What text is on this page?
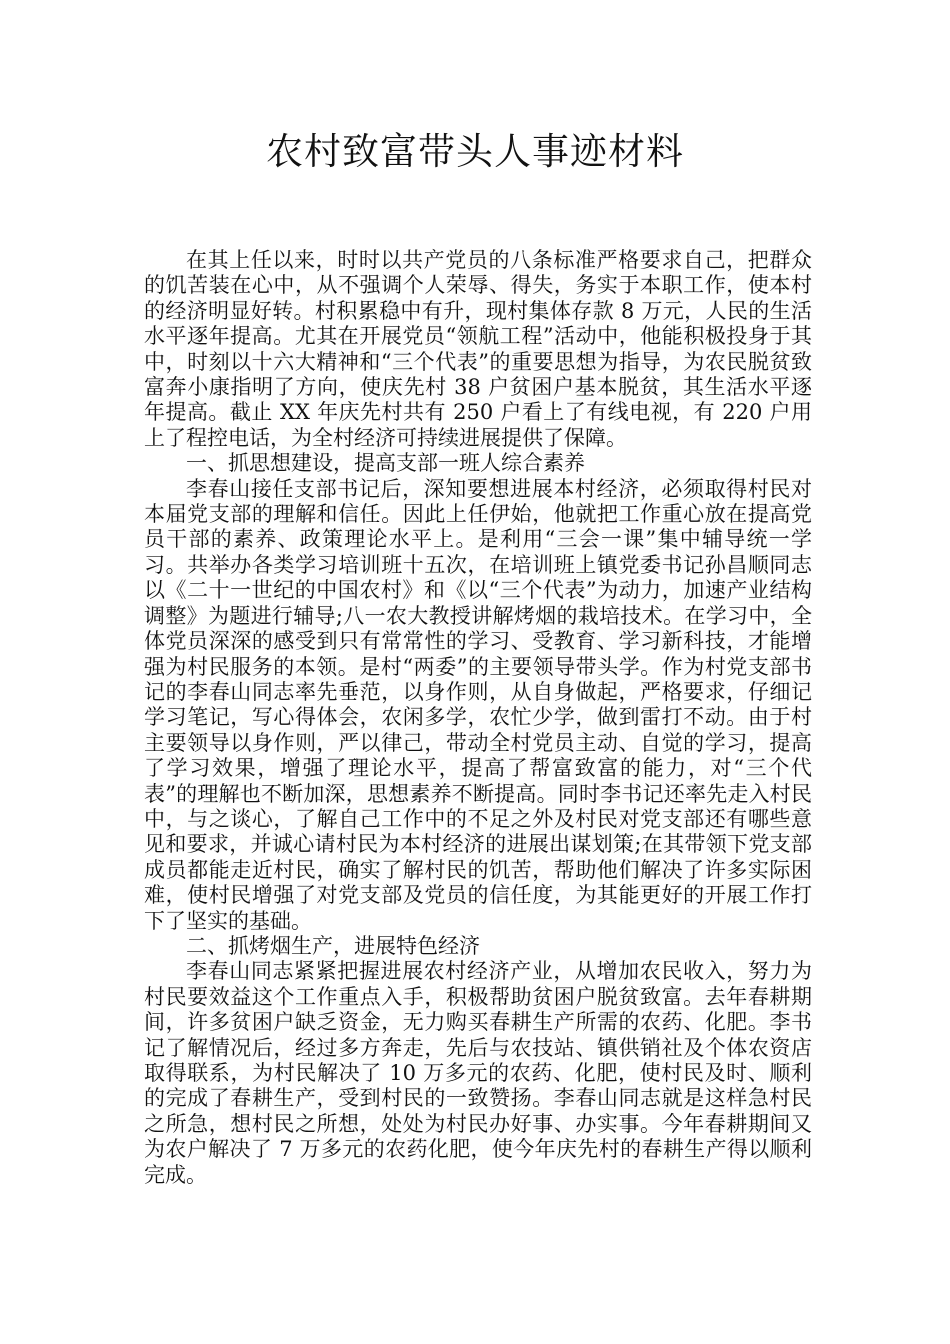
农村致富带头人事迹材料

在其上任以来，时时以共产党员的八条标准严格要求自己，把群众的饥苦装在心中，从不强调个人荣辱、得失，务实于本职工作，使本村的经济明显好转。村积累稳中有升，现村集体存款 8 万元，人民的生活水平逐年提高。尤其在开展党员“领航工程”活动中，他能积极投身于其中，时刻以十六大精神和“三个代表”的重要思想为指导，为农民脱贫致富奔小康指明了方向，使庆先村 38 户贫困户基本脱贫，其生活水平逐年提高。截止 XX 年庆先村共有 250 户看上了有线电视，有 220 户用上了程控电话，为全村经济可持续进展提供了保障。

一、抓思想建设，提高支部一班人综合素养

李春山接任支部书记后，深知要想进展本村经济，必须取得村民对本届党支部的理解和信任。因此上任伊始，他就把工作重心放在提高党员干部的素养、政策理论水平上。是利用“三会一课”集中辅导统一学习。共举办各类学习培训班十五次，在培训班上镇党委书记孙昌顺同志以《二十一世纪的中国农村》和《以“三个代表”为动力，加速产业结构调整》为题进行辅导;八一农大教授讲解烤烟的栽培技术。在学习中，全体党员深深的感受到只有常常性的学习、受教育、学习新科技，才能增强为村民服务的本领。是村“两委”的主要领导带头学。作为村党支部书记的李春山同志率先垂范，以身作则，从自身做起，严格要求，仔细记学习笔记，写心得体会，农闲多学，农忙少学，做到雷打不动。由于村主要领导以身作则，严以律己，带动全村党员主动、自觉的学习，提高了学习效果，增强了理论水平，提高了帮富致富的能力，对“三个代表”的理解也不断加深，思想素养不断提高。同时李书记还率先走入村民中，与之谈心，了解自己工作中的不足之外及村民对党支部还有哪些意见和要求，并诚心请村民为本村经济的进展出谋划策;在其带领下党支部成员都能走近村民，确实了解村民的饥苦，帮助他们解决了许多实际困难，使村民增强了对党支部及党员的信任度，为其能更好的开展工作打下了坚实的基础。

二、抓烤烟生产，进展特色经济

李春山同志紧紧把握进展农村经济产业，从增加农民收入，努力为村民要效益这个工作重点入手，积极帮助贫困户脱贫致富。去年春耕期间，许多贫困户缺乏资金，无力购买春耕生产所需的农药、化肥。李书记了解情况后，经过多方奔走，先后与农技站、镇供销社及个体农资店取得联系，为村民解决了 10 万多元的农药、化肥，使村民及时、顺利的完成了春耕生产，受到村民的一致赞扬。李春山同志就是这样急村民之所急，想村民之所想，处处为村民办好事、办实事。今年春耕期间又为农户解决了 7 万多元的农药化肥，使今年庆先村的春耕生产得以顺利完成。
